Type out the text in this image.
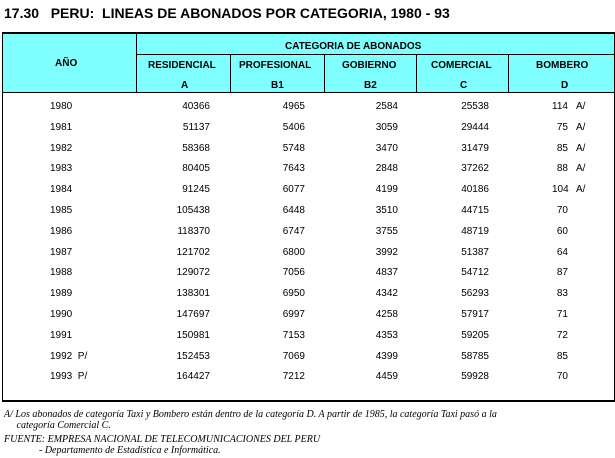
17.30   PERU:  LINEAS DE ABONADOS POR CATEGORIA, 1980 - 93
AÑO
CATEGORIA DE ABONADOS
RESIDENCIAL
A
PROFESIONAL
B1
GOBIERNO
B2
COMERCIAL
C
BOMBERO
D
1980	40366	4965	2584	25538	114 A/
1981	51137	5406	3059	29444	75 A/
1982	58368	5748	3470	31479	85 A/
1983	80405	7643	2848	37262	88 A/
1984	91245	6077	4199	40186	104 A/
1985	105438	6448	3510	44715	70
1986	118370	6747	3755	48719	60
1987	121702	6800	3992	51387	64
1988	129072	7056	4837	54712	87
1989	138301	6950	4342	56293	83
1990	147697	6997	4258	57917	71
1991	150981	7153	4353	59205	72
1992  P/	152453	7069	4399	58785	85
1993  P/	164427	7212	4459	59928	70
A/ Los abonados de categoría Taxi y Bombero están dentro de la categoría D. A partir de 1985, la categoría Taxi pasó a la
categoría Comercial C.
FUENTE: EMPRESA NACIONAL DE TELECOMUNICACIONES DEL PERU
- Departamento de Estadística e Informática.
